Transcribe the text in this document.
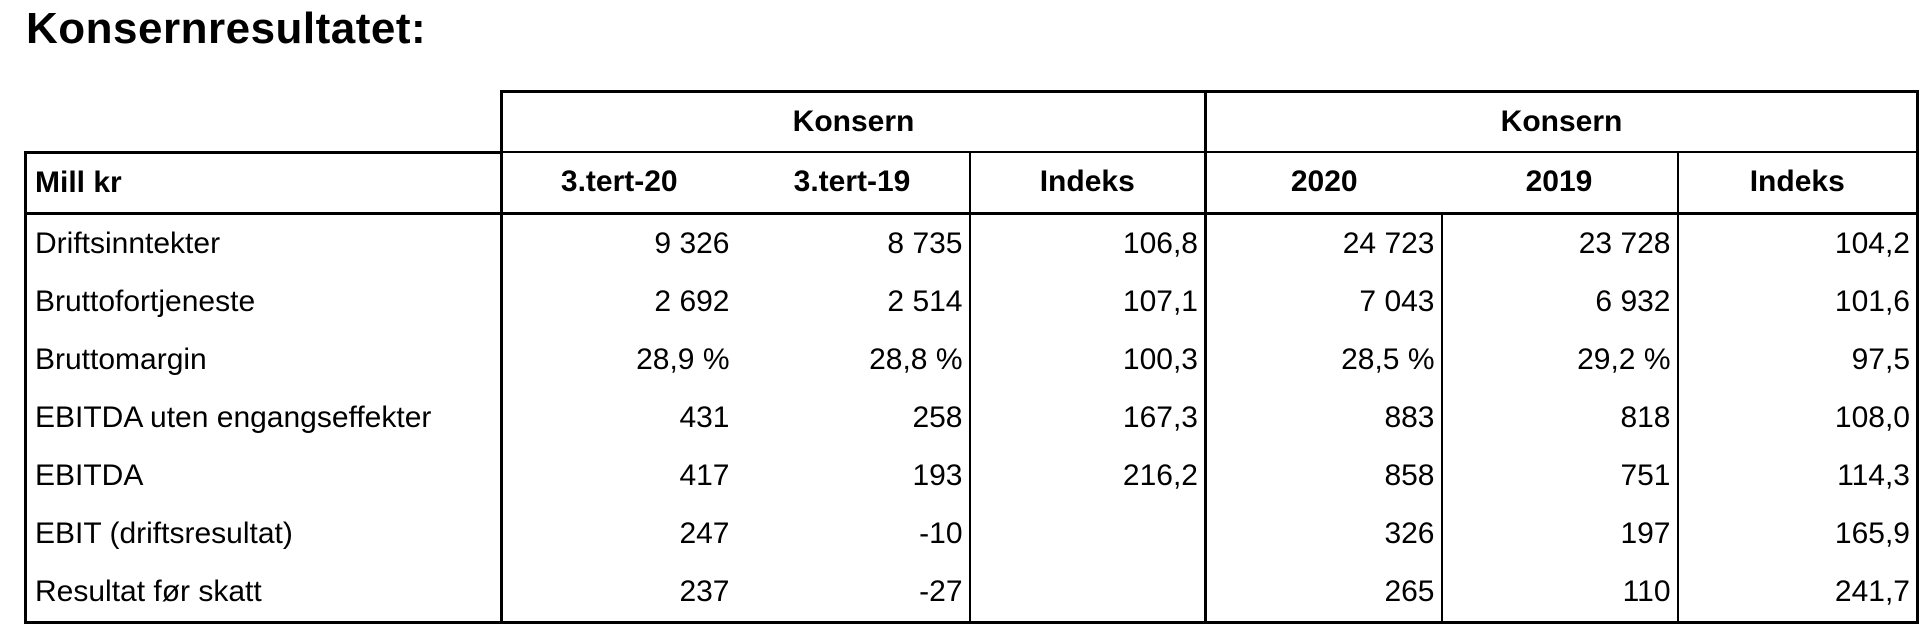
Konsernresultatet:
	Konsern			Konsern		
Mill kr	3.tert-20	3.tert-19	Indeks	2020	2019	Indeks
Driftsinntekter	9 326	8 735	106,8	24 723	23 728	104,2
Bruttofortjeneste	2 692	2 514	107,1	7 043	6 932	101,6
Bruttomargin	28,9 %	28,8 %	100,3	28,5 %	29,2 %	97,5
EBITDA uten engangseffekter	431	258	167,3	883	818	108,0
EBITDA	417	193	216,2	858	751	114,3
EBIT (driftsresultat)	247	-10		326	197	165,9
Resultat før skatt	237	-27		265	110	241,7
